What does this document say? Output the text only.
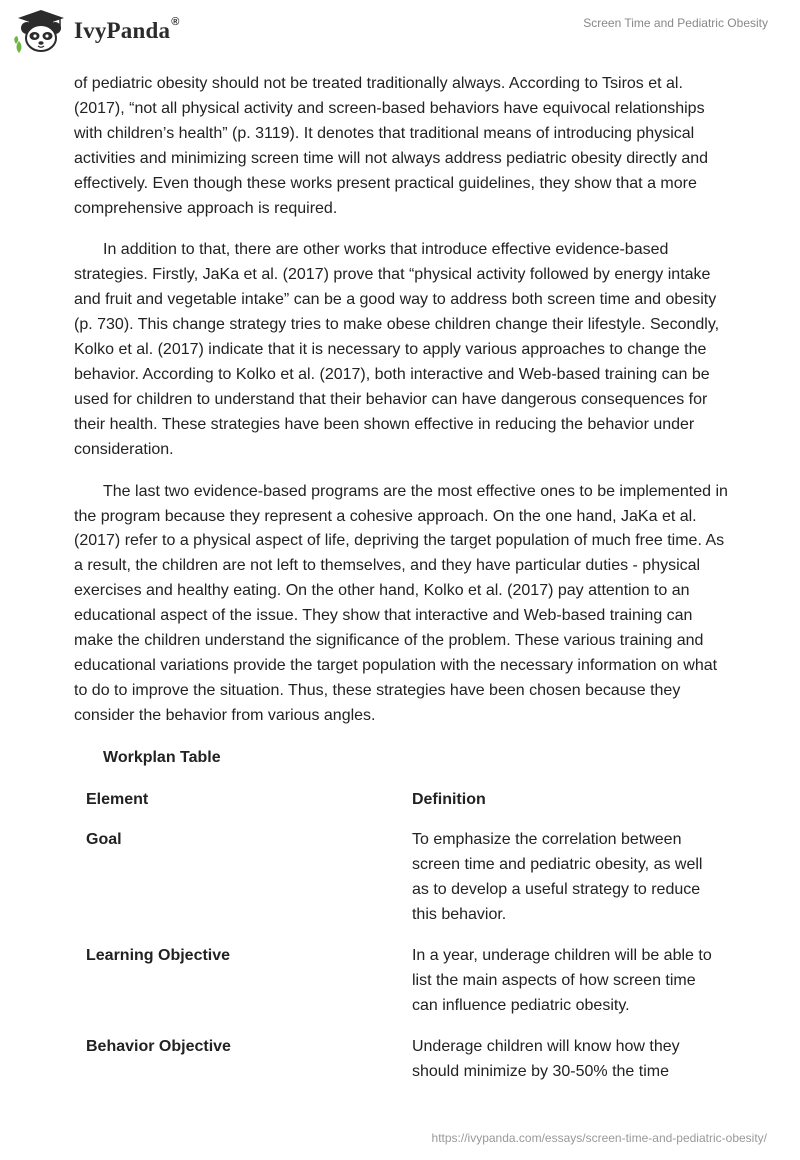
IvyPanda®	Screen Time and Pediatric Obesity

of pediatric obesity should not be treated traditionally always. According to Tsiros et al. (2017), “not all physical activity and screen-based behaviors have equivocal relationships with children’s health” (p. 3119). It denotes that traditional means of introducing physical activities and minimizing screen time will not always address pediatric obesity directly and effectively. Even though these works present practical guidelines, they show that a more comprehensive approach is required.

In addition to that, there are other works that introduce effective evidence-based strategies. Firstly, JaKa et al. (2017) prove that “physical activity followed by energy intake and fruit and vegetable intake” can be a good way to address both screen time and obesity (p. 730). This change strategy tries to make obese children change their lifestyle. Secondly, Kolko et al. (2017) indicate that it is necessary to apply various approaches to change the behavior. According to Kolko et al. (2017), both interactive and Web-based training can be used for children to understand that their behavior can have dangerous consequences for their health. These strategies have been shown effective in reducing the behavior under consideration.

The last two evidence-based programs are the most effective ones to be implemented in the program because they represent a cohesive approach. On the one hand, JaKa et al. (2017) refer to a physical aspect of life, depriving the target population of much free time. As a result, the children are not left to themselves, and they have particular duties - physical exercises and healthy eating. On the other hand, Kolko et al. (2017) pay attention to an educational aspect of the issue. They show that interactive and Web-based training can make the children understand the significance of the problem. These various training and educational variations provide the target population with the necessary information on what to do to improve the situation. Thus, these strategies have been chosen because they consider the behavior from various angles.

Workplan Table
Element	Definition
Goal	To emphasize the correlation between screen time and pediatric obesity, as well as to develop a useful strategy to reduce this behavior.
Learning Objective	In a year, underage children will be able to list the main aspects of how screen time can influence pediatric obesity.
Behavior Objective	Underage children will know how they should minimize by 30-50% the time
https://ivypanda.com/essays/screen-time-and-pediatric-obesity/
